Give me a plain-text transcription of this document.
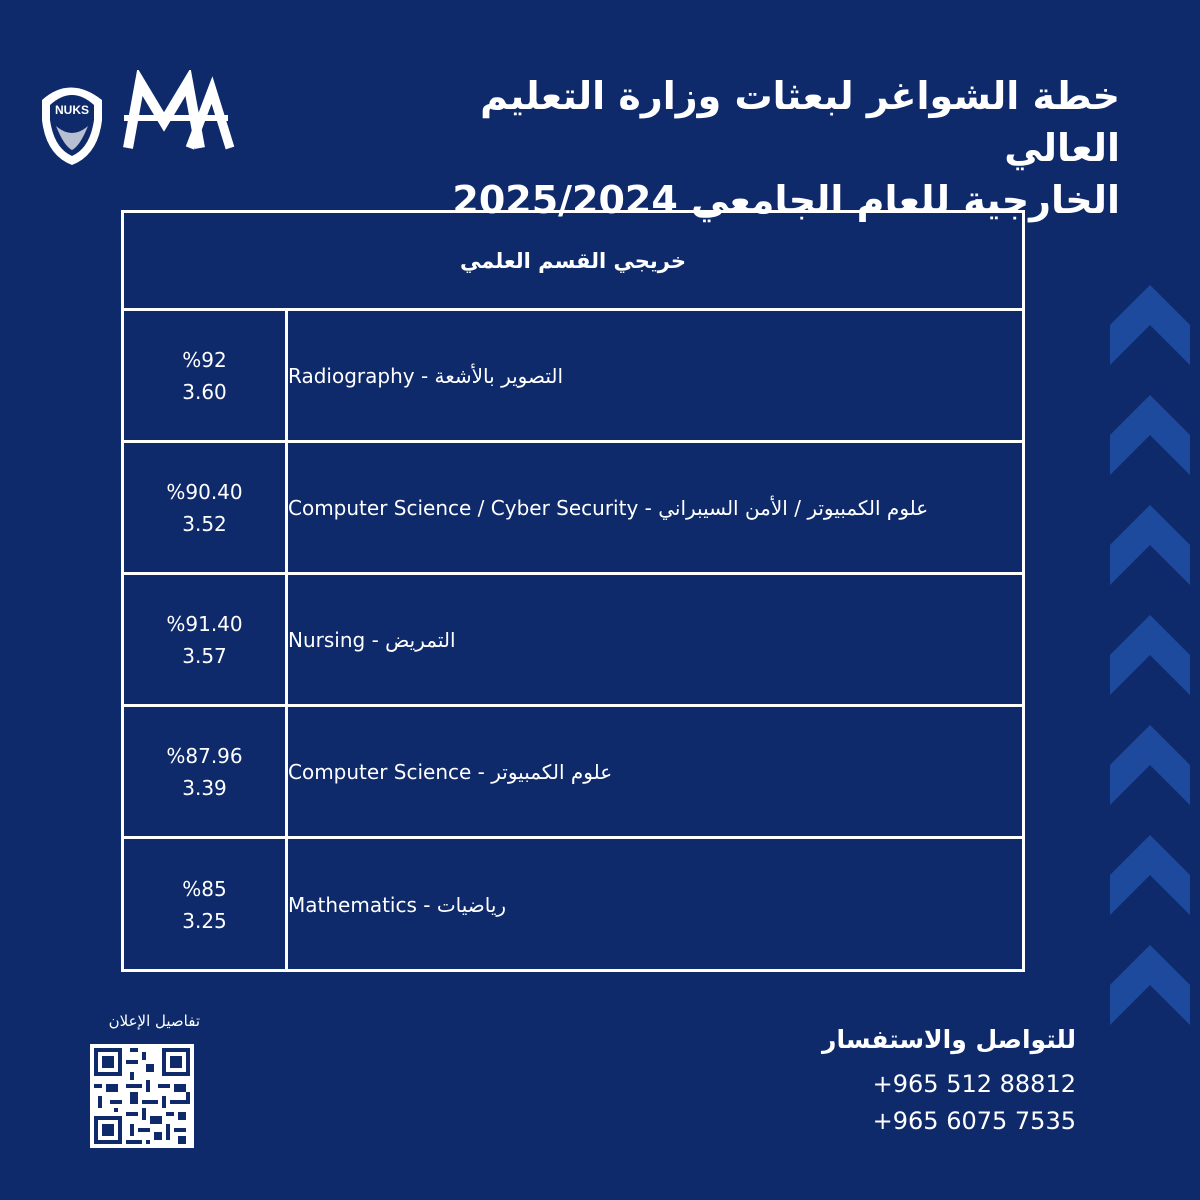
NUKS	خطة الشواغر لبعثات وزارة التعليم العالي
الخارجية للعام الجامعي 2025/2024
خريجي القسم العلمي
%92
3.60
التصوير بالأشعة - Radiography
%90.40
3.52
علوم الكمبيوتر / الأمن السيبراني - Computer Science / Cyber Security
%91.40
3.57
التمريض - Nursing
%87.96
3.39
علوم الكمبيوتر - Computer Science
%85
3.25
رياضيات - Mathematics
تفاصيل الإعلان
للتواصل والاستفسار
+965 512 88812
+965 6075 7535
